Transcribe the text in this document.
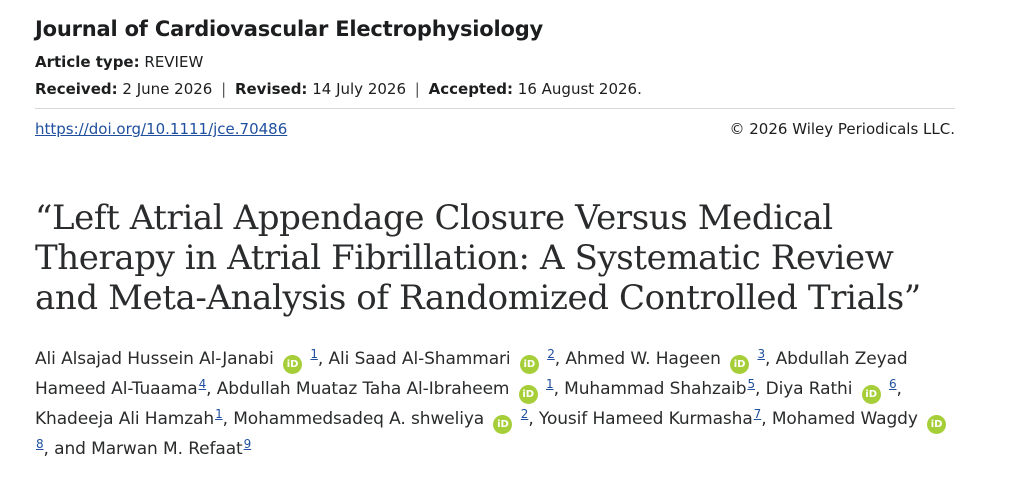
Journal of Cardiovascular Electrophysiology
Article type: REVIEW
Received: 2 June 2026 | Revised: 14 July 2026 | Accepted: 16 August 2026.
https://doi.org/10.1111/jce.70486	© 2026 Wiley Periodicals LLC.
“Left Atrial Appendage Closure Versus Medical Therapy in Atrial Fibrillation: A Systematic Review and Meta-Analysis of Randomized Controlled Trials”
Ali Alsajad Hussein Al-Janabi iD $^1$, Ali Saad Al-Shammari iD $^2$, Ahmed W. Hageen iD $^3$, Abdullah Zeyad Hameed Al-Tuaama$^4$, Abdullah Muataz Taha Al-Ibraheem iD $^1$, Muhammad Shahzaib$^5$, Diya Rathi iD $^6$, Khadeeja Ali Hamzah$^1$, Mohammedsadeq A. shweliya iD $^2$, Yousif Hameed Kurmasha$^7$, Mohamed Wagdy iD $^8$, and Marwan M. Refaat$^9$
